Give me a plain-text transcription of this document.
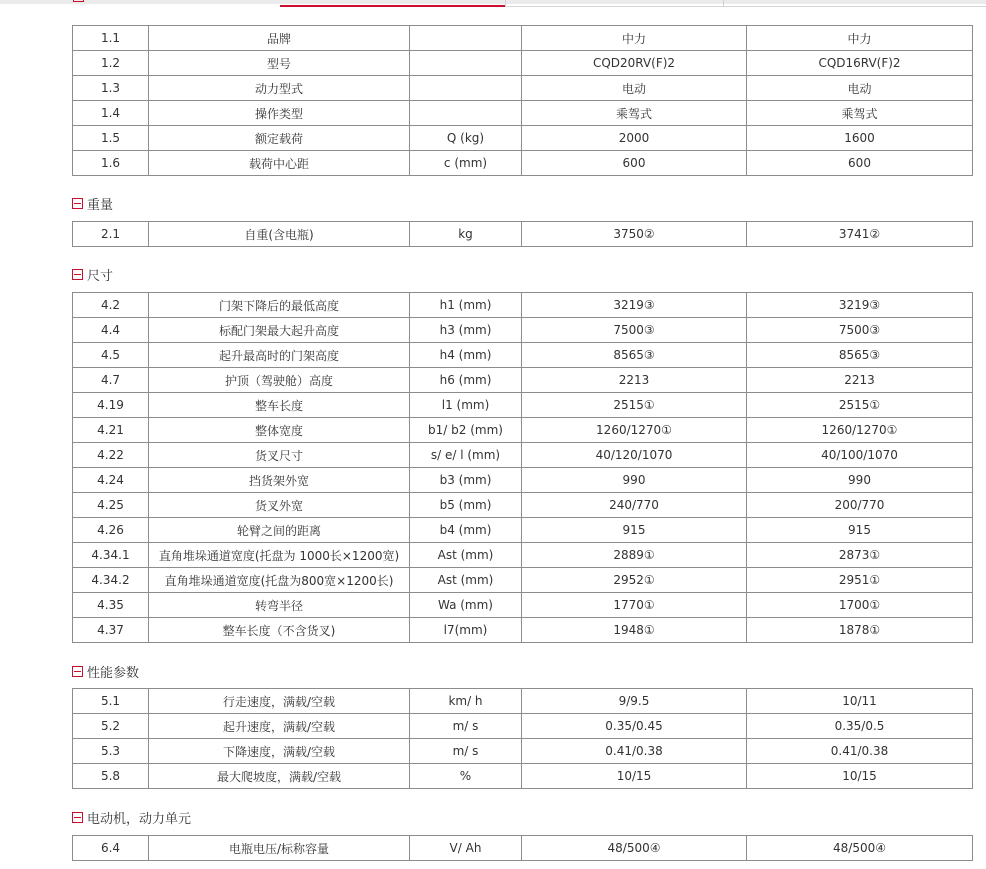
1.1	品牌		中力	中力
1.2	型号		CQD20RV(F)2	CQD16RV(F)2
1.3	动力型式		电动	电动
1.4	操作类型		乘驾式	乘驾式
1.5	额定载荷	Q (kg)	2000	1600
1.6	载荷中心距	c (mm)	600	600
重量
2.1	自重(含电瓶)	kg	3750②	3741②
尺寸
4.2	门架下降后的最低高度	h1 (mm)	3219③	3219③
4.4	标配门架最大起升高度	h3 (mm)	7500③	7500③
4.5	起升最高时的门架高度	h4 (mm)	8565③	8565③
4.7	护顶（驾驶舱）高度	h6 (mm)	2213	2213
4.19	整车长度	l1 (mm)	2515①	2515①
4.21	整体宽度	b1/ b2 (mm)	1260/1270①	1260/1270①
4.22	货叉尺寸	s/ e/ l (mm)	40/120/1070	40/100/1070
4.24	挡货架外宽	b3 (mm)	990	990
4.25	货叉外宽	b5 (mm)	240/770	200/770
4.26	轮臂之间的距离	b4 (mm)	915	915
4.34.1	直角堆垛通道宽度(托盘为 1000长×1200宽)	Ast (mm)	2889①	2873①
4.34.2	直角堆垛通道宽度(托盘为800宽×1200长)	Ast (mm)	2952①	2951①
4.35	转弯半径	Wa (mm)	1770①	1700①
4.37	整车长度（不含货叉)	l7(mm)	1948①	1878①
性能参数
5.1	行走速度，满载/空载	km/ h	9/9.5	10/11
5.2	起升速度，满载/空载	m/ s	0.35/0.45	0.35/0.5
5.3	下降速度，满载/空载	m/ s	0.41/0.38	0.41/0.38
5.8	最大爬坡度，满载/空载	%	10/15	10/15
电动机，动力单元
6.4	电瓶电压/标称容量	V/ Ah	48/500④	48/500④
